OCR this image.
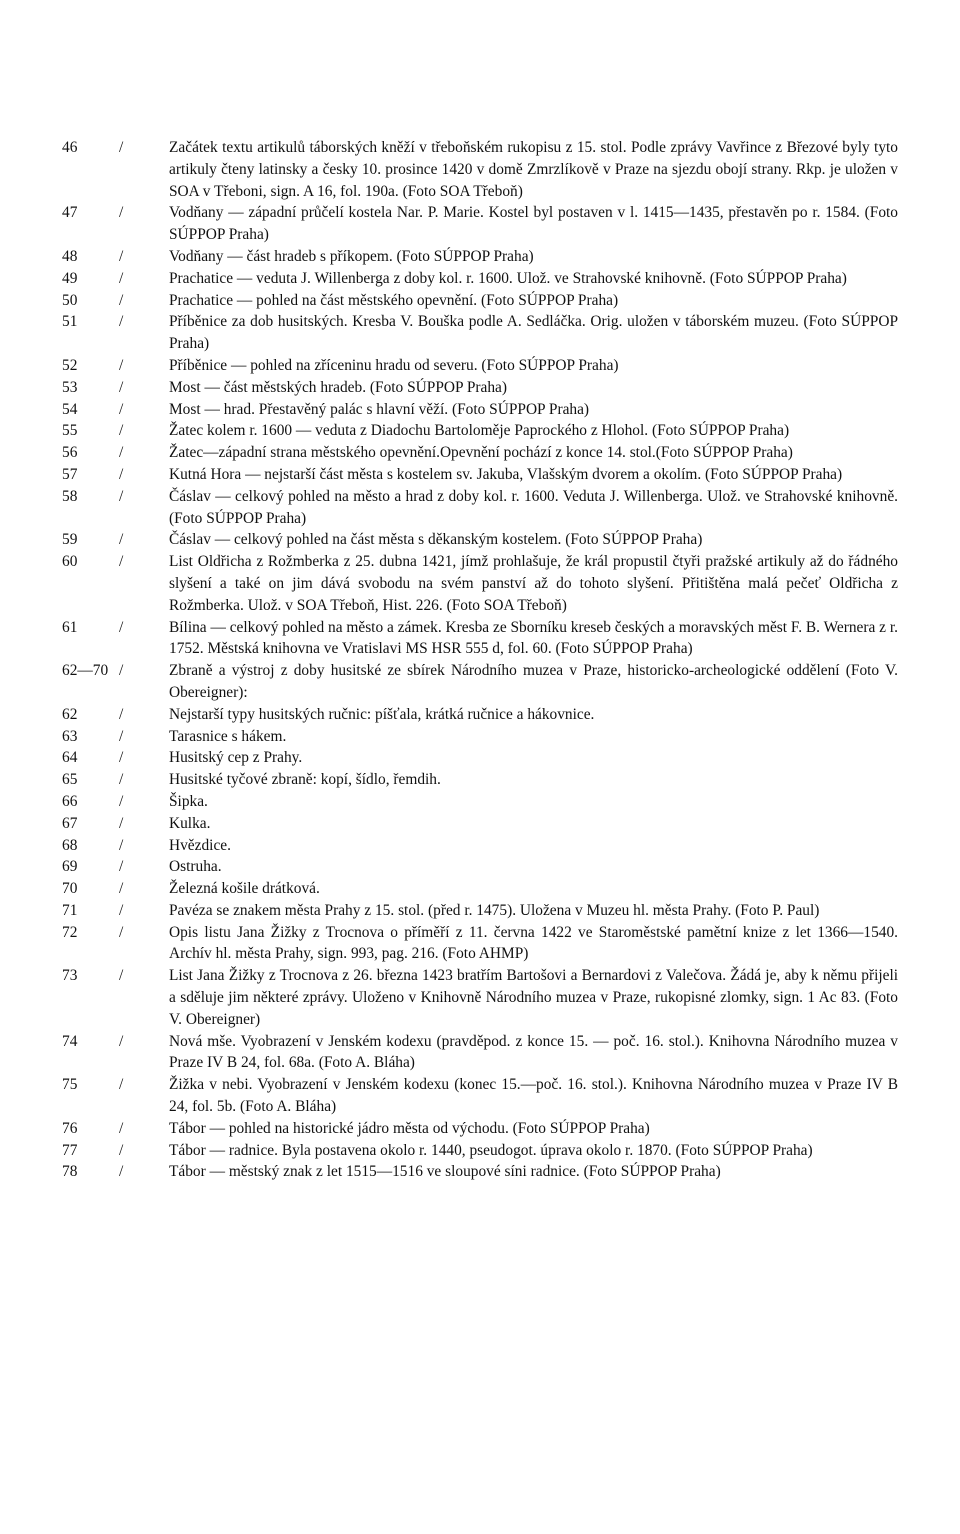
46	/	Začátek textu artikulů táborských kněží v třeboňském rukopisu z 15. stol. Podle zprávy Vavřince z Březové byly tyto artikuly čteny latinsky a česky 10. prosince 1420 v domě Zmrzlíkově v Praze na sjezdu obojí strany. Rkp. je uložen v SOA v Třeboni, sign. A 16, fol. 190a. (Foto SOA Třeboň)
47	/	Vodňany — západní průčelí kostela Nar. P. Marie. Kostel byl postaven v l. 1415—1435, přestavěn po r. 1584. (Foto SÚPPOP Praha)
48	/	Vodňany — část hradeb s příkopem. (Foto SÚPPOP Praha)
49	/	Prachatice — veduta J. Willenberga z doby kol. r. 1600. Ulož. ve Strahovské knihovně. (Foto SÚPPOP Praha)
50	/	Prachatice — pohled na část městského opevnění. (Foto SÚPPOP Praha)
51	/	Příběnice za dob husitských. Kresba V. Bouška podle A. Sedláčka. Orig. uložen v táborském muzeu. (Foto SÚPPOP Praha)
52	/	Příběnice — pohled na zříceninu hradu od severu. (Foto SÚPPOP Praha)
53	/	Most — část městských hradeb. (Foto SÚPPOP Praha)
54	/	Most — hrad. Přestavěný palác s hlavní věží. (Foto SÚPPOP Praha)
55	/	Žatec kolem r. 1600 — veduta z Diadochu Bartoloměje Paprockého z Hlohol. (Foto SÚPPOP Praha)
56	/	Žatec—západní strana městského opevnění.Opevnění pochází z konce 14. stol.(Foto SÚPPOP Praha)
57	/	Kutná Hora — nejstarší část města s kostelem sv. Jakuba, Vlašským dvorem a okolím. (Foto SÚPPOP Praha)
58	/	Čáslav — celkový pohled na město a hrad z doby kol. r. 1600. Veduta J. Willenberga. Ulož. ve Strahovské knihovně. (Foto SÚPPOP Praha)
59	/	Čáslav — celkový pohled na část města s děkanským kostelem. (Foto SÚPPOP Praha)
60	/	List Oldřicha z Rožmberka z 25. dubna 1421, jímž prohlašuje, že král propustil čtyři pražské artikuly až do řádného slyšení a také on jim dává svobodu na svém panství až do tohoto slyšení. Přitištěna malá pečeť Oldřicha z Rožmberka. Ulož. v SOA Třeboň, Hist. 226. (Foto SOA Třeboň)
61	/	Bílina — celkový pohled na město a zámek. Kresba ze Sborníku kreseb českých a moravských měst F. B. Wernera z r. 1752. Městská knihovna ve Vratislavi MS HSR 555 d, fol. 60. (Foto SÚPPOP Praha)
62—70 /	Zbraně a výstroj z doby husitské ze sbírek Národního muzea v Praze, historicko-archeologické oddělení (Foto V. Obereigner):
62	/	Nejstarší typy husitských ručnic: píšťala, krátká ručnice a hákovnice.
63	/	Tarasnice s hákem.
64	/	Husitský cep z Prahy.
65	/	Husitské tyčové zbraně: kopí, šídlo, řemdih.
66	/	Šipka.
67	/	Kulka.
68	/	Hvězdice.
69	/	Ostruha.
70	/	Železná košile drátková.
71	/	Pavéza se znakem města Prahy z 15. stol. (před r. 1475). Uložena v Muzeu hl. města Prahy. (Foto P. Paul)
72	/	Opis listu Jana Žižky z Trocnova o příměří z 11. června 1422 ve Staroměstské pamětní knize z let 1366—1540. Archív hl. města Prahy, sign. 993, pag. 216. (Foto AHMP)
73	/	List Jana Žižky z Trocnova z 26. března 1423 bratřím Bartošovi a Bernardovi z Valečova. Žádá je, aby k němu přijeli a sděluje jim některé zprávy. Uloženo v Knihovně Národního muzea v Praze, rukopisné zlomky, sign. 1 Ac 83. (Foto V. Obereigner)
74	/	Nová mše. Vyobrazení v Jenském kodexu (pravděpod. z konce 15. — poč. 16. stol.). Knihovna Národního muzea v Praze IV B 24, fol. 68a. (Foto A. Bláha)
75	/	Žižka v nebi. Vyobrazení v Jenském kodexu (konec 15.—poč. 16. stol.). Knihovna Národního muzea v Praze IV B 24, fol. 5b. (Foto A. Bláha)
76	/	Tábor — pohled na historické jádro města od východu. (Foto SÚPPOP Praha)
77	/	Tábor — radnice. Byla postavena okolo r. 1440, pseudogot. úprava okolo r. 1870. (Foto SÚPPOP Praha)
78	/	Tábor — městský znak z let 1515—1516 ve sloupové síni radnice. (Foto SÚPPOP Praha)
